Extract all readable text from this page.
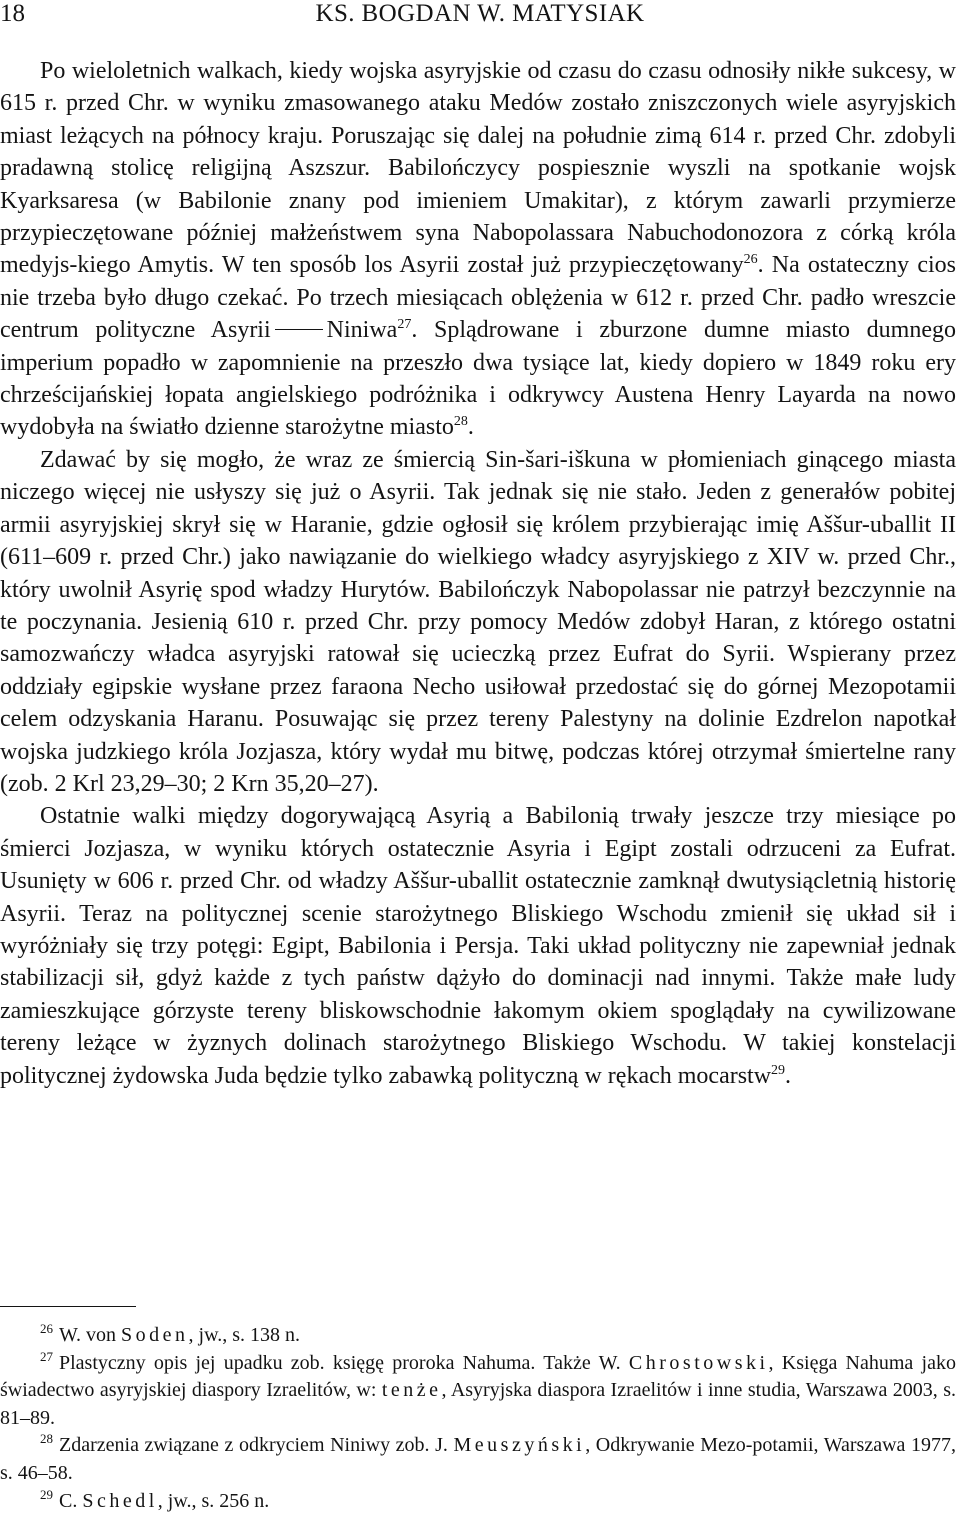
18	KS. BOGDAN W. MATYSIAK

Po wieloletnich walkach, kiedy wojska asyryjskie od czasu do czasu odnosiły nikłe sukcesy, w 615 r. przed Chr. w wyniku zmasowanego ataku Medów zostało zniszczonych wiele asyryjskich miast leżących na północy kraju. Poruszając się dalej na południe zimą 614 r. przed Chr. zdobyli pradawną stolicę religijną Aszszur. Babilończycy pospiesznie wyszli na spotkanie wojsk Kyarksaresa (w Babilonie znany pod imieniem Umakitar), z którym zawarli przymierze przypieczętowane później małżeństwem syna Nabopolassara Nabuchodonozora z córką króla medyjs-kiego Amytis. W ten sposób los Asyrii został już przypieczętowany$^{26}$. Na ostateczny cios nie trzeba było długo czekać. Po trzech miesiącach oblężenia w 612 r. przed Chr. padło wreszcie centrum polityczne Asyrii Niniwa$^{27}$. Splądrowane i zburzone dumne miasto dumnego imperium popadło w zapomnienie na przeszło dwa tysiące lat, kiedy dopiero w 1849 roku ery chrześcijańskiej łopata angielskiego podróżnika i odkrywcy Austena Henry Layarda na nowo wydobyła na światło dzienne starożytne miasto$^{28}$.

Zdawać by się mogło, że wraz ze śmiercią Sin-šari-iškuna w płomieniach ginącego miasta niczego więcej nie usłyszy się już o Asyrii. Tak jednak się nie stało. Jeden z generałów pobitej armii asyryjskiej skrył się w Haranie, gdzie ogłosił się królem przybierając imię Aššur-uballit II (611–609 r. przed Chr.) jako nawiązanie do wielkiego władcy asyryjskiego z XIV w. przed Chr., który uwolnił Asyrię spod władzy Hurytów. Babilończyk Nabopolassar nie patrzył bezczynnie na te poczynania. Jesienią 610 r. przed Chr. przy pomocy Medów zdobył Haran, z którego ostatni samozwańczy władca asyryjski ratował się ucieczką przez Eufrat do Syrii. Wspierany przez oddziały egipskie wysłane przez faraona Necho usiłował przedostać się do górnej Mezopotamii celem odzyskania Haranu. Posuwając się przez tereny Palestyny na dolinie Ezdrelon napotkał wojska judzkiego króla Jozjasza, który wydał mu bitwę, podczas której otrzymał śmiertelne rany (zob. 2 Krl 23,29–30; 2 Krn 35,20–27).

Ostatnie walki między dogorywającą Asyrią a Babilonią trwały jeszcze trzy miesiące po śmierci Jozjasza, w wyniku których ostatecznie Asyria i Egipt zostali odrzuceni za Eufrat. Usunięty w 606 r. przed Chr. od władzy Aššur-uballit ostatecznie zamknął dwutysiącletnią historię Asyrii. Teraz na politycznej scenie starożytnego Bliskiego Wschodu zmienił się układ sił i wyróżniały się trzy potęgi: Egipt, Babilonia i Persja. Taki układ polityczny nie zapewniał jednak stabilizacji sił, gdyż każde z tych państw dążyło do dominacji nad innymi. Także małe ludy zamieszkujące górzyste tereny bliskowschodnie łakomym okiem spoglądały na cywilizowane tereny leżące w żyznych dolinach starożytnego Bliskiego Wschodu. W takiej konstelacji politycznej żydowska Juda będzie tylko zabawką polityczną w rękach mocarstw$^{29}$.

$^{26}$ W. von Soden, jw., s. 138 n.

$^{27}$ Plastyczny opis jej upadku zob. księgę proroka Nahuma. Także W. Chrostowski, Księga Nahuma jako świadectwo asyryjskiej diaspory Izraelitów, w: tenże, Asyryjska diaspora Izraelitów i inne studia, Warszawa 2003, s. 81–89.

$^{28}$ Zdarzenia związane z odkryciem Niniwy zob. J. Meuszyński, Odkrywanie Mezo-potamii, Warszawa 1977, s. 46–58.

$^{29}$ C. Schedl, jw., s. 256 n.
